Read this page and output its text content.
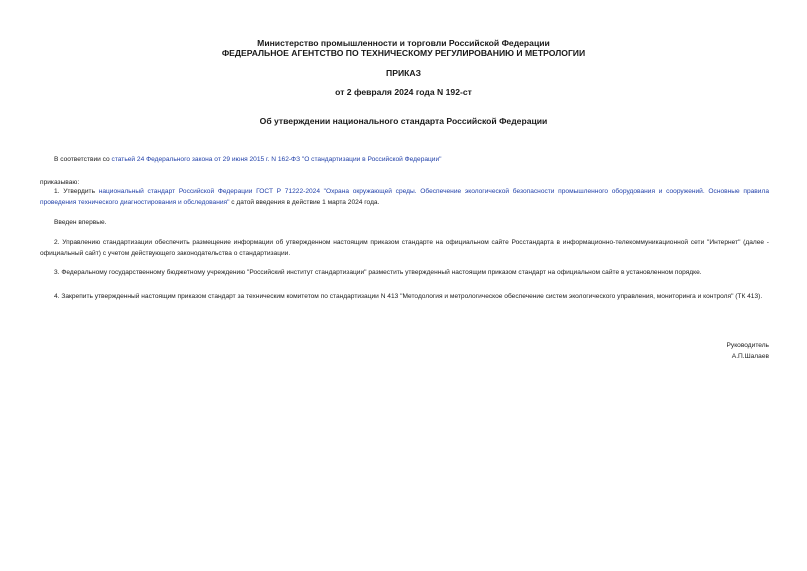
Министерство промышленности и торговли Российской Федерации
ФЕДЕРАЛЬНОЕ АГЕНТСТВО ПО ТЕХНИЧЕСКОМУ РЕГУЛИРОВАНИЮ И МЕТРОЛОГИИ
ПРИКАЗ
от 2 февраля 2024 года N 192-ст
Об утверждении национального стандарта Российской Федерации
В соответствии со статьей 24 Федерального закона от 29 июня 2015 г. N 162-ФЗ "О стандартизации в Российской Федерации"
приказываю:
1. Утвердить национальный стандарт Российской Федерации ГОСТ Р 71222-2024 "Охрана окружающей среды. Обеспечение экологической безопасности промышленного оборудования и сооружений. Основные правила проведения технического диагностирования и обследования" с датой введения в действие 1 марта 2024 года.
Введен впервые.
2. Управлению стандартизации обеспечить размещение информации об утвержденном настоящим приказом стандарте на официальном сайте Росстандарта в информационно-телекоммуникационной сети "Интернет" (далее - официальный сайт) с учетом действующего законодательства о стандартизации.
3. Федеральному государственному бюджетному учреждению "Российский институт стандартизации" разместить утвержденный настоящим приказом стандарт на официальном сайте в установленном порядке.
4. Закрепить утвержденный настоящим приказом стандарт за техническим комитетом по стандартизации N 413 "Методология и метрологическое обеспечение систем экологического управления, мониторинга и контроля" (ТК 413).
Руководитель
А.П.Шалаев
